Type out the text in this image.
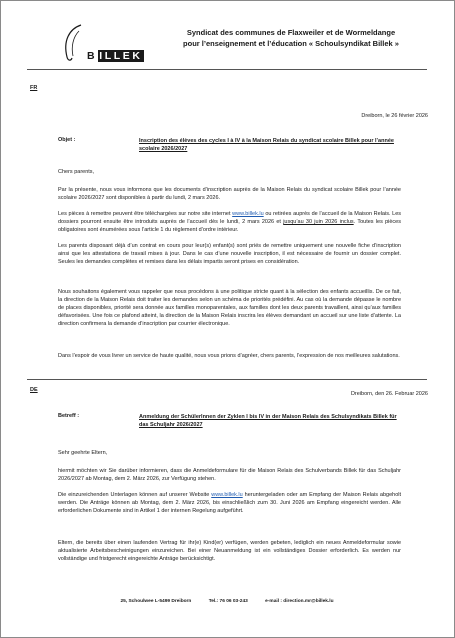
B ILLEK
Syndicat des communes de Flaxweiler et de Wormeldange
pour l’enseignement et l’éducation « Schoulsyndikat Billek »
FR
Dreiborn, le 26 février 2026
Objet :	Inscription des élèves des cycles I à IV à la Maison Relais du syndicat scolaire Billek pour l’année scolaire 2026/2027
Chers parents,
Par la présente, nous vous informons que les documents d’inscription auprès de la Maison Relais du syndicat scolaire Billek pour l’année scolaire 2026/2027 sont disponibles à partir du lundi, 2 mars 2026.
Les pièces à remettre peuvent être téléchargées sur notre site internet www.billek.lu ou retirées auprès de l’accueil de la Maison Relais. Les dossiers pourront ensuite être introduits auprès de l’accueil dès le lundi, 2 mars 2026 et jusqu’au 30 juin 2026 inclus. Toutes les pièces obligatoires sont énumérées sous l’article 1 du règlement d’ordre intérieur.
Les parents disposant déjà d’un contrat en cours pour leur(s) enfant(s) sont priés de remettre uniquement une nouvelle fiche d’inscription ainsi que les attestations de travail mises à jour. Dans le cas d’une nouvelle inscription, il est nécessaire de fournir un dossier complet. Seules les demandes complètes et remises dans les délais impartis seront prises en considération.
Nous souhaitons également vous rappeler que nous procédons à une politique stricte quant à la sélection des enfants accueillis. De ce fait, la direction de la Maison Relais doit traiter les demandes selon un schéma de priorités prédéfini. Au cas où la demande dépasse le nombre de places disponibles, priorité sera donnée aux familles monoparentales, aux familles dont les deux parents travaillent, ainsi qu’aux familles défavorisées. Une fois ce plafond atteint, la direction de la Maison Relais inscrira les élèves demandant un accueil sur une liste d’attente. La direction confirmera la demande d’inscription par courrier électronique.
Dans l’espoir de vous livrer un service de haute qualité, nous vous prions d’agréer, chers parents, l’expression de nos meilleures salutations.
DE
Dreiborn, den 26. Februar 2026
Betreff :	Anmeldung der SchülerInnen der Zyklen I bis IV in der Maison Relais des Schulsyndikats Billek für das Schuljahr 2026/2027
Sehr geehrte Eltern,
hiermit möchten wir Sie darüber informieren, dass die Anmeldeformulare für die Maison Relais des Schulverbands Billek für das Schuljahr 2026/2027 ab Montag, dem 2. März 2026, zur Verfügung stehen.
Die einzureichenden Unterlagen können auf unserer Website www.billek.lu heruntergeladen oder am Empfang der Maison Relais abgeholt werden. Die Anträge können ab Montag, dem 2. März 2026, bis einschließlich zum 30. Juni 2026 am Empfang eingereicht werden. Alle erforderlichen Dokumente sind in Artikel 1 der internen Regelung aufgeführt.
Eltern, die bereits über einen laufenden Vertrag für ihr(e) Kind(er) verfügen, werden gebeten, lediglich ein neues Anmeldeformular sowie aktualisierte Arbeitsbescheinigungen einzureichen. Bei einer Neuanmeldung ist ein vollständiges Dossier erforderlich. Es werden nur vollständige und fristgerecht eingereichte Anträge berücksichtigt.
25, Schoulwee L-5499 Dreiborn	Tel.: 76 06 03-243	e-mail : direction.mr@billek.lu
